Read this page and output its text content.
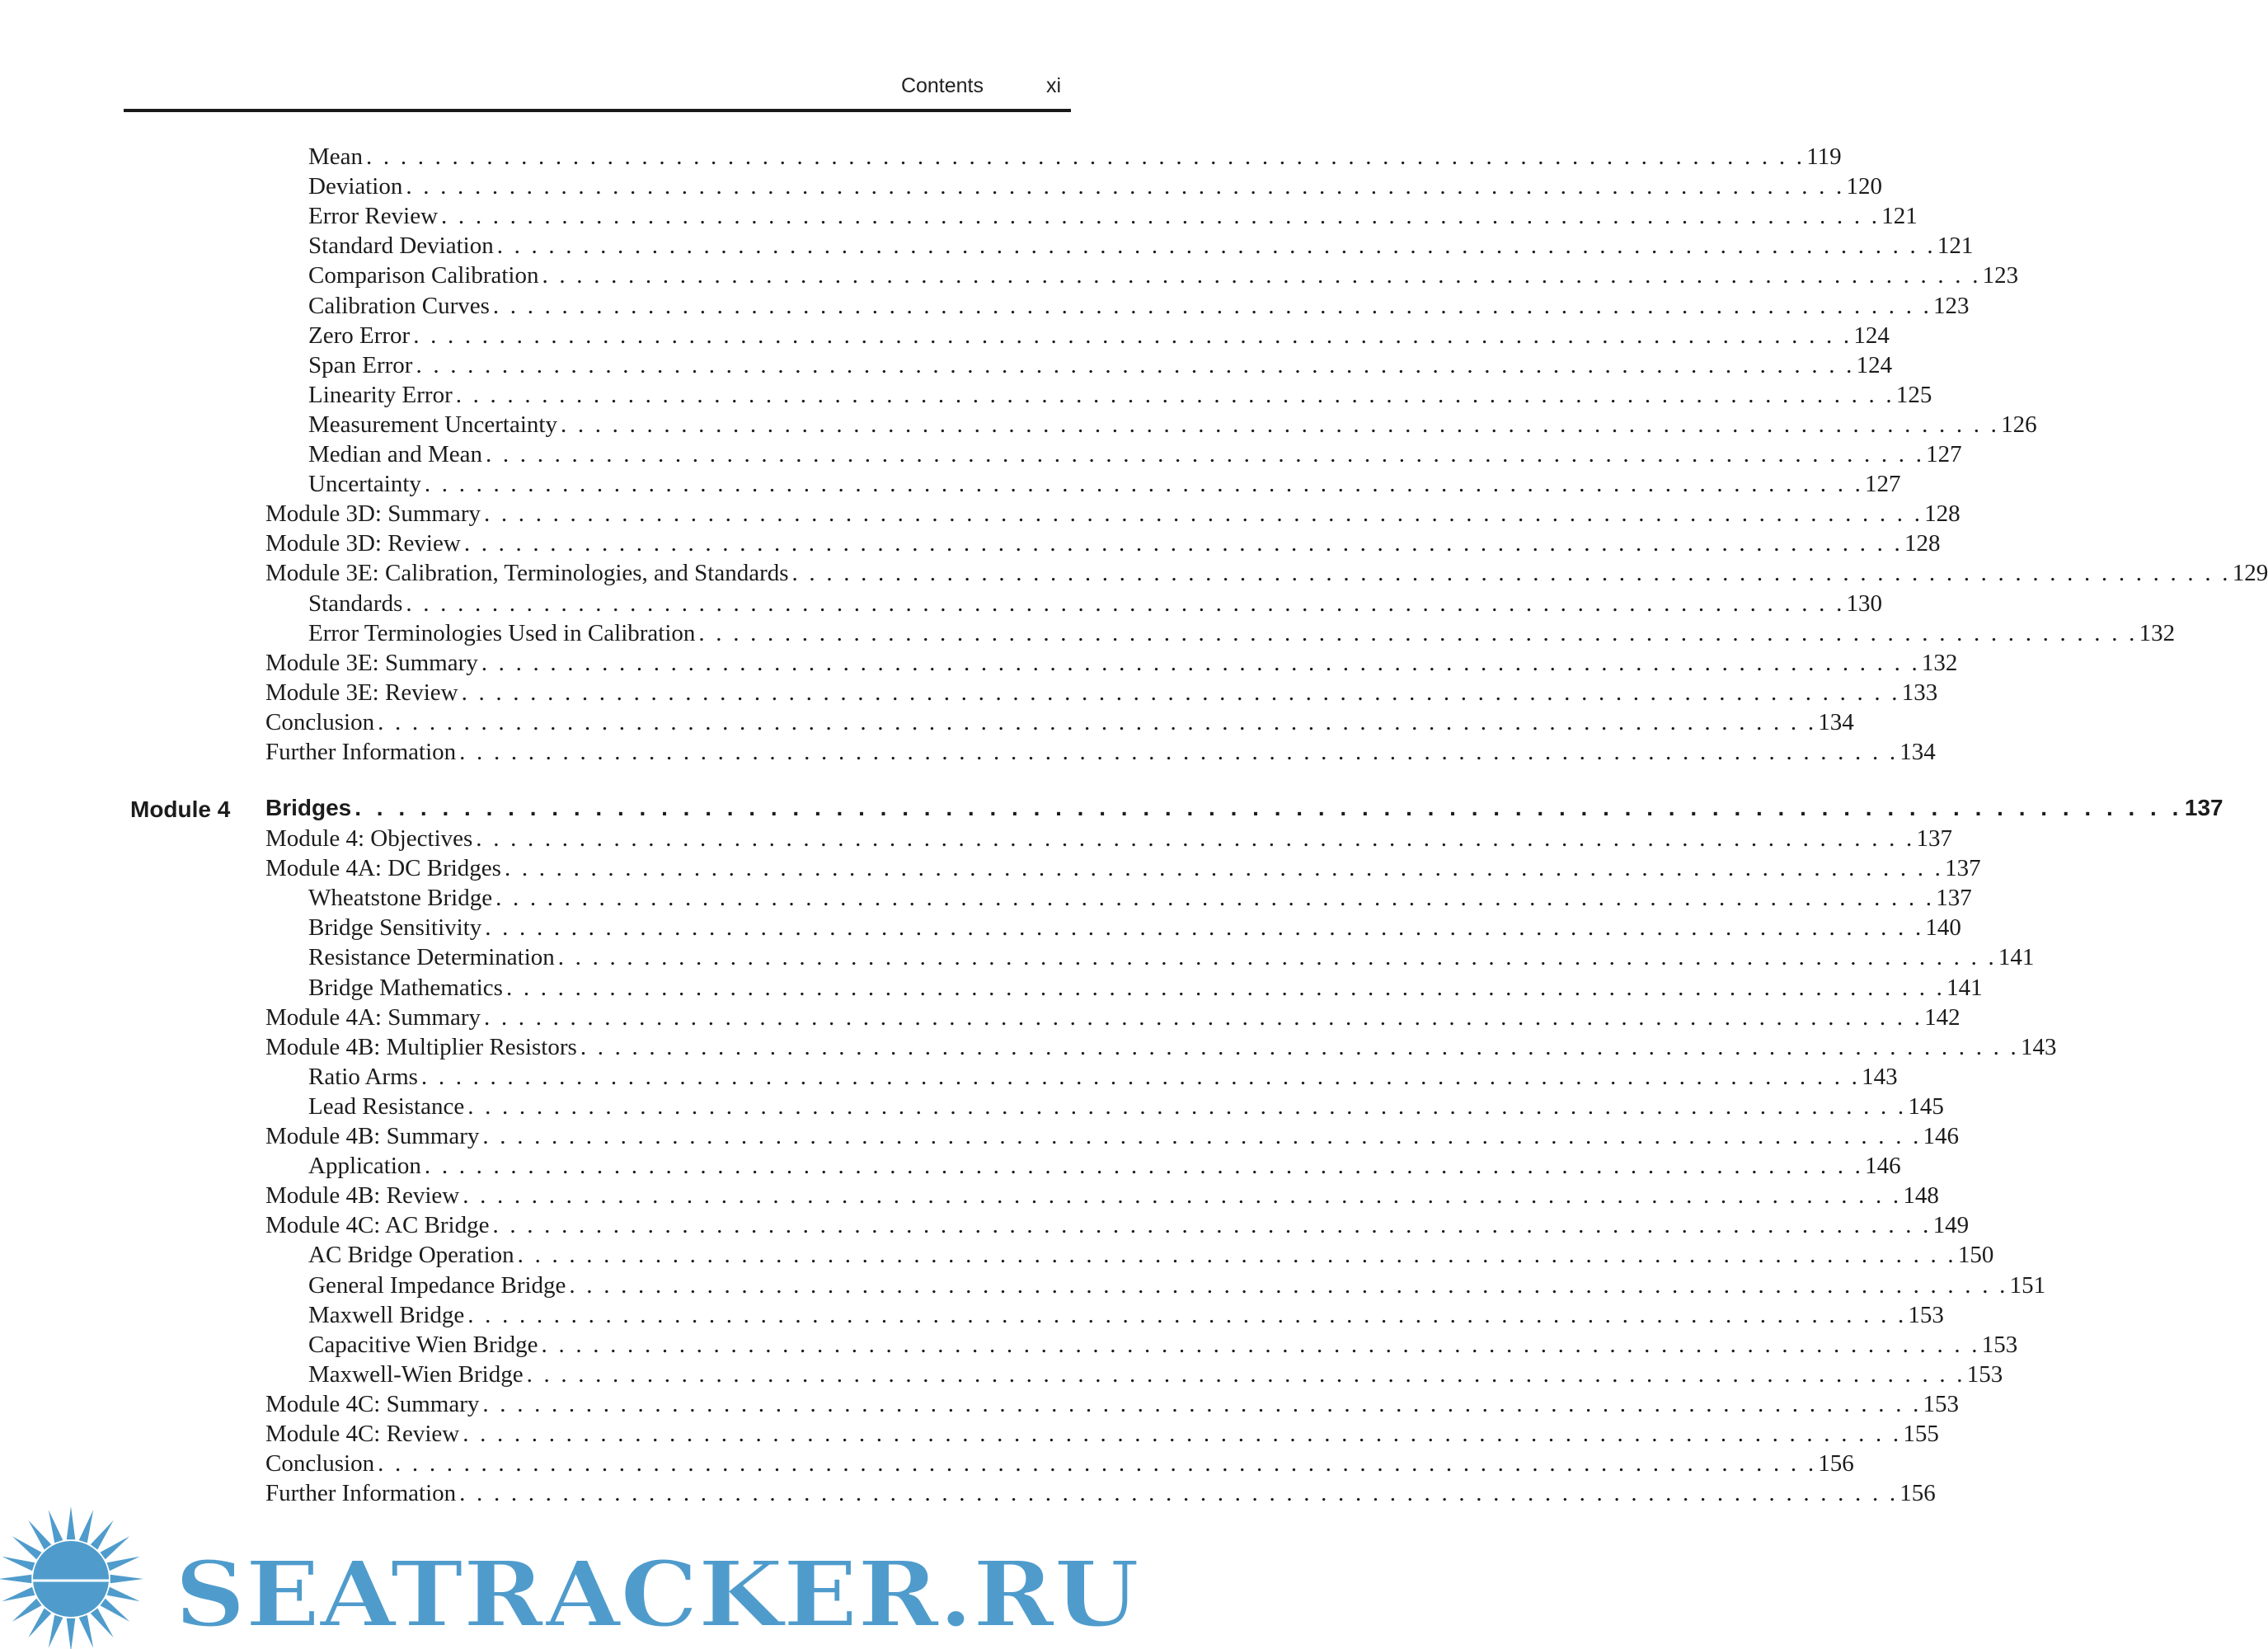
Contents	xi
Mean . . . . . . . . . . . . . . . . . . . . . . . . . . . . . . . . . . . . . . . . . . . . . . . . . . . . . . . . . . . . . . . . . . . . . . . . . . . . . . . . . . . . 119
Deviation . . . . . . . . . . . . . . . . . . . . . . . . . . . . . . . . . . . . . . . . . . . . . . . . . . . . . . . . . . . . . . . . . . . . . . . . . . . . . . . . . . . . 120
Error Review . . . . . . . . . . . . . . . . . . . . . . . . . . . . . . . . . . . . . . . . . . . . . . . . . . . . . . . . . . . . . . . . . . . . . . . . . . . . . . . . . . . . 121
Standard Deviation . . . . . . . . . . . . . . . . . . . . . . . . . . . . . . . . . . . . . . . . . . . . . . . . . . . . . . . . . . . . . . . . . . . . . . . . . . . . . . . . . . . . 121
Comparison Calibration . . . . . . . . . . . . . . . . . . . . . . . . . . . . . . . . . . . . . . . . . . . . . . . . . . . . . . . . . . . . . . . . . . . . . . . . . . . . . . . . . . . . 123
Calibration Curves . . . . . . . . . . . . . . . . . . . . . . . . . . . . . . . . . . . . . . . . . . . . . . . . . . . . . . . . . . . . . . . . . . . . . . . . . . . . . . . . . . . . 123
Zero Error . . . . . . . . . . . . . . . . . . . . . . . . . . . . . . . . . . . . . . . . . . . . . . . . . . . . . . . . . . . . . . . . . . . . . . . . . . . . . . . . . . . . 124
Span Error . . . . . . . . . . . . . . . . . . . . . . . . . . . . . . . . . . . . . . . . . . . . . . . . . . . . . . . . . . . . . . . . . . . . . . . . . . . . . . . . . . . . 124
Linearity Error . . . . . . . . . . . . . . . . . . . . . . . . . . . . . . . . . . . . . . . . . . . . . . . . . . . . . . . . . . . . . . . . . . . . . . . . . . . . . . . . . . . . 125
Measurement Uncertainty . . . . . . . . . . . . . . . . . . . . . . . . . . . . . . . . . . . . . . . . . . . . . . . . . . . . . . . . . . . . . . . . . . . . . . . . . . . . . . . . . . . . 126
Median and Mean . . . . . . . . . . . . . . . . . . . . . . . . . . . . . . . . . . . . . . . . . . . . . . . . . . . . . . . . . . . . . . . . . . . . . . . . . . . . . . . . . . . . 127
Uncertainty . . . . . . . . . . . . . . . . . . . . . . . . . . . . . . . . . . . . . . . . . . . . . . . . . . . . . . . . . . . . . . . . . . . . . . . . . . . . . . . . . . . . 127
Module 3D: Summary . . . . . . . . . . . . . . . . . . . . . . . . . . . . . . . . . . . . . . . . . . . . . . . . . . . . . . . . . . . . . . . . . . . . . . . . . . . . . . . . . . . . 128
Module 3D: Review . . . . . . . . . . . . . . . . . . . . . . . . . . . . . . . . . . . . . . . . . . . . . . . . . . . . . . . . . . . . . . . . . . . . . . . . . . . . . . . . . . . . 128
Module 3E: Calibration, Terminologies, and Standards . . . . . . . . . . . . . . . . . . . . . . . . . . . . . . . . . . . . . . . . . . . . . . . . . . . . . . . . . . . . . . . . . . . . . . . . . . . . . . . . . . . . 129
Standards . . . . . . . . . . . . . . . . . . . . . . . . . . . . . . . . . . . . . . . . . . . . . . . . . . . . . . . . . . . . . . . . . . . . . . . . . . . . . . . . . . . . 130
Error Terminologies Used in Calibration . . . . . . . . . . . . . . . . . . . . . . . . . . . . . . . . . . . . . . . . . . . . . . . . . . . . . . . . . . . . . . . . . . . . . . . . . . . . . . . . . . . . 132
Module 3E: Summary . . . . . . . . . . . . . . . . . . . . . . . . . . . . . . . . . . . . . . . . . . . . . . . . . . . . . . . . . . . . . . . . . . . . . . . . . . . . . . . . . . . . 132
Module 3E: Review . . . . . . . . . . . . . . . . . . . . . . . . . . . . . . . . . . . . . . . . . . . . . . . . . . . . . . . . . . . . . . . . . . . . . . . . . . . . . . . . . . . . 133
Conclusion . . . . . . . . . . . . . . . . . . . . . . . . . . . . . . . . . . . . . . . . . . . . . . . . . . . . . . . . . . . . . . . . . . . . . . . . . . . . . . . . . . . . 134
Further Information . . . . . . . . . . . . . . . . . . . . . . . . . . . . . . . . . . . . . . . . . . . . . . . . . . . . . . . . . . . . . . . . . . . . . . . . . . . . . . . . . . . . 134
Module 4: Objectives . . . . . . . . . . . . . . . . . . . . . . . . . . . . . . . . . . . . . . . . . . . . . . . . . . . . . . . . . . . . . . . . . . . . . . . . . . . . . . . . . . . . 137
Module 4A: DC Bridges . . . . . . . . . . . . . . . . . . . . . . . . . . . . . . . . . . . . . . . . . . . . . . . . . . . . . . . . . . . . . . . . . . . . . . . . . . . . . . . . . . . . 137
Wheatstone Bridge . . . . . . . . . . . . . . . . . . . . . . . . . . . . . . . . . . . . . . . . . . . . . . . . . . . . . . . . . . . . . . . . . . . . . . . . . . . . . . . . . . . . 137
Bridge Sensitivity . . . . . . . . . . . . . . . . . . . . . . . . . . . . . . . . . . . . . . . . . . . . . . . . . . . . . . . . . . . . . . . . . . . . . . . . . . . . . . . . . . . . 140
Resistance Determination . . . . . . . . . . . . . . . . . . . . . . . . . . . . . . . . . . . . . . . . . . . . . . . . . . . . . . . . . . . . . . . . . . . . . . . . . . . . . . . . . . . . 141
Bridge Mathematics . . . . . . . . . . . . . . . . . . . . . . . . . . . . . . . . . . . . . . . . . . . . . . . . . . . . . . . . . . . . . . . . . . . . . . . . . . . . . . . . . . . . 141
Module 4A: Summary . . . . . . . . . . . . . . . . . . . . . . . . . . . . . . . . . . . . . . . . . . . . . . . . . . . . . . . . . . . . . . . . . . . . . . . . . . . . . . . . . . . . 142
Module 4B: Multiplier Resistors . . . . . . . . . . . . . . . . . . . . . . . . . . . . . . . . . . . . . . . . . . . . . . . . . . . . . . . . . . . . . . . . . . . . . . . . . . . . . . . . . . . . 143
Ratio Arms . . . . . . . . . . . . . . . . . . . . . . . . . . . . . . . . . . . . . . . . . . . . . . . . . . . . . . . . . . . . . . . . . . . . . . . . . . . . . . . . . . . . 143
Lead Resistance . . . . . . . . . . . . . . . . . . . . . . . . . . . . . . . . . . . . . . . . . . . . . . . . . . . . . . . . . . . . . . . . . . . . . . . . . . . . . . . . . . . . 145
Module 4B: Summary . . . . . . . . . . . . . . . . . . . . . . . . . . . . . . . . . . . . . . . . . . . . . . . . . . . . . . . . . . . . . . . . . . . . . . . . . . . . . . . . . . . . 146
Application . . . . . . . . . . . . . . . . . . . . . . . . . . . . . . . . . . . . . . . . . . . . . . . . . . . . . . . . . . . . . . . . . . . . . . . . . . . . . . . . . . . . 146
Module 4B: Review . . . . . . . . . . . . . . . . . . . . . . . . . . . . . . . . . . . . . . . . . . . . . . . . . . . . . . . . . . . . . . . . . . . . . . . . . . . . . . . . . . . . 148
Module 4C: AC Bridge . . . . . . . . . . . . . . . . . . . . . . . . . . . . . . . . . . . . . . . . . . . . . . . . . . . . . . . . . . . . . . . . . . . . . . . . . . . . . . . . . . . . 149
AC Bridge Operation . . . . . . . . . . . . . . . . . . . . . . . . . . . . . . . . . . . . . . . . . . . . . . . . . . . . . . . . . . . . . . . . . . . . . . . . . . . . . . . . . . . . 150
General Impedance Bridge . . . . . . . . . . . . . . . . . . . . . . . . . . . . . . . . . . . . . . . . . . . . . . . . . . . . . . . . . . . . . . . . . . . . . . . . . . . . . . . . . . . . 151
Maxwell Bridge . . . . . . . . . . . . . . . . . . . . . . . . . . . . . . . . . . . . . . . . . . . . . . . . . . . . . . . . . . . . . . . . . . . . . . . . . . . . . . . . . . . . 153
Capacitive Wien Bridge . . . . . . . . . . . . . . . . . . . . . . . . . . . . . . . . . . . . . . . . . . . . . . . . . . . . . . . . . . . . . . . . . . . . . . . . . . . . . . . . . . . . 153
Maxwell-Wien Bridge . . . . . . . . . . . . . . . . . . . . . . . . . . . . . . . . . . . . . . . . . . . . . . . . . . . . . . . . . . . . . . . . . . . . . . . . . . . . . . . . . . . . 153
Module 4C: Summary . . . . . . . . . . . . . . . . . . . . . . . . . . . . . . . . . . . . . . . . . . . . . . . . . . . . . . . . . . . . . . . . . . . . . . . . . . . . . . . . . . . . 153
Module 4C: Review . . . . . . . . . . . . . . . . . . . . . . . . . . . . . . . . . . . . . . . . . . . . . . . . . . . . . . . . . . . . . . . . . . . . . . . . . . . . . . . . . . . . 155
Conclusion . . . . . . . . . . . . . . . . . . . . . . . . . . . . . . . . . . . . . . . . . . . . . . . . . . . . . . . . . . . . . . . . . . . . . . . . . . . . . . . . . . . . 156
Further Information . . . . . . . . . . . . . . . . . . . . . . . . . . . . . . . . . . . . . . . . . . . . . . . . . . . . . . . . . . . . . . . . . . . . . . . . . . . . . . . . . . . . 156
Module 4 Bridges . . . . . . . . . . . . . . . . . . . . . . . . . . . . . . . . . . . . . . . . . . . . . . . . . . . . . . . . . . . . . . . . . . . . . . . . . . . . . . . . . . . . 137
SEATRACKER.RU
